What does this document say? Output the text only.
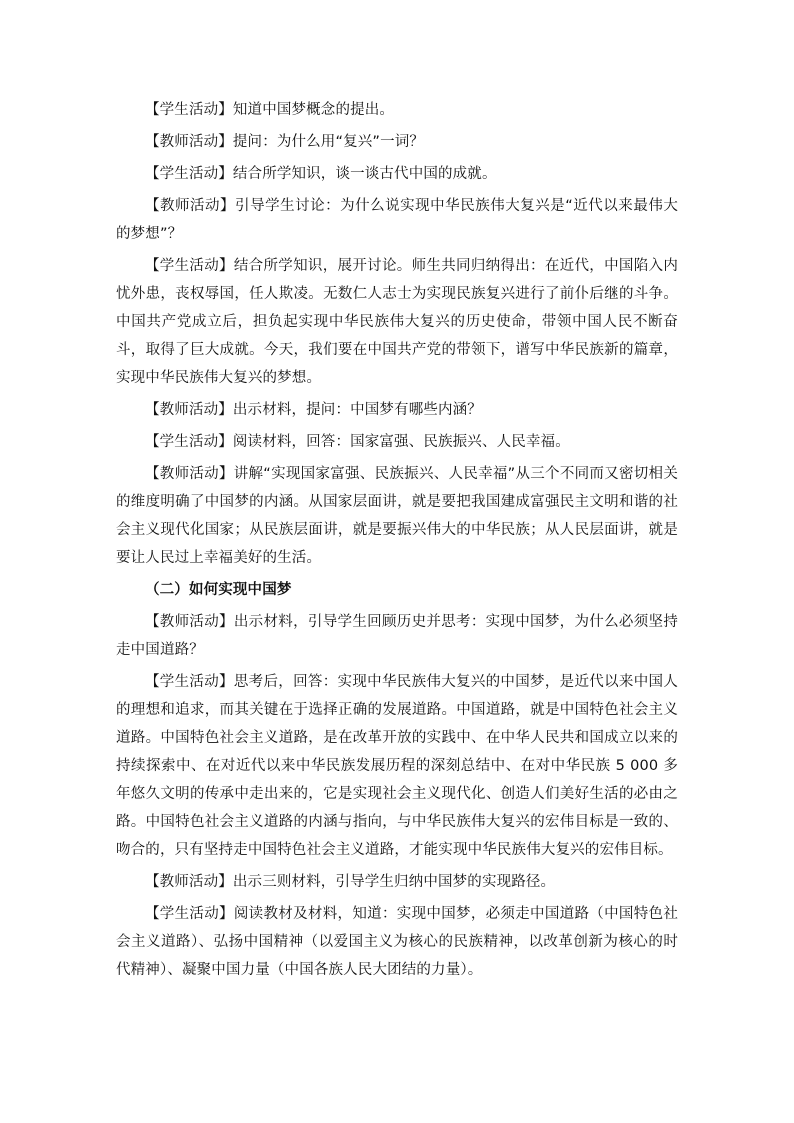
【学生活动】知道中国梦概念的提出。

【教师活动】提问：为什么用“复兴”一词？

【学生活动】结合所学知识，谈一谈古代中国的成就。

【教师活动】引导学生讨论：为什么说实现中华民族伟大复兴是“近代以来最伟大的梦想”？

【学生活动】结合所学知识，展开讨论。师生共同归纳得出：在近代，中国陷入内忧外患，丧权辱国，任人欺凌。无数仁人志士为实现民族复兴进行了前仆后继的斗争。中国共产党成立后，担负起实现中华民族伟大复兴的历史使命，带领中国人民不断奋斗，取得了巨大成就。今天，我们要在中国共产党的带领下，谱写中华民族新的篇章，实现中华民族伟大复兴的梦想。

【教师活动】出示材料，提问：中国梦有哪些内涵？

【学生活动】阅读材料，回答：国家富强、民族振兴、人民幸福。

【教师活动】讲解“实现国家富强、民族振兴、人民幸福”从三个不同而又密切相关的维度明确了中国梦的内涵。从国家层面讲，就是要把我国建成富强民主文明和谐的社会主义现代化国家；从民族层面讲，就是要振兴伟大的中华民族；从人民层面讲，就是要让人民过上幸福美好的生活。

（二）如何实现中国梦

【教师活动】出示材料，引导学生回顾历史并思考：实现中国梦，为什么必须坚持走中国道路？

【学生活动】思考后，回答：实现中华民族伟大复兴的中国梦，是近代以来中国人的理想和追求，而其关键在于选择正确的发展道路。中国道路，就是中国特色社会主义道路。中国特色社会主义道路，是在改革开放的实践中、在中华人民共和国成立以来的持续探索中、在对近代以来中华民族发展历程的深刻总结中、在对中华民族 5 000 多年悠久文明的传承中走出来的，它是实现社会主义现代化、创造人们美好生活的必由之路。中国特色社会主义道路的内涵与指向，与中华民族伟大复兴的宏伟目标是一致的、吻合的，只有坚持走中国特色社会主义道路，才能实现中华民族伟大复兴的宏伟目标。

【教师活动】出示三则材料，引导学生归纳中国梦的实现路径。

【学生活动】阅读教材及材料，知道：实现中国梦，必须走中国道路（中国特色社会主义道路）、弘扬中国精神（以爱国主义为核心的民族精神，以改革创新为核心的时代精神）、凝聚中国力量（中国各族人民大团结的力量）。
